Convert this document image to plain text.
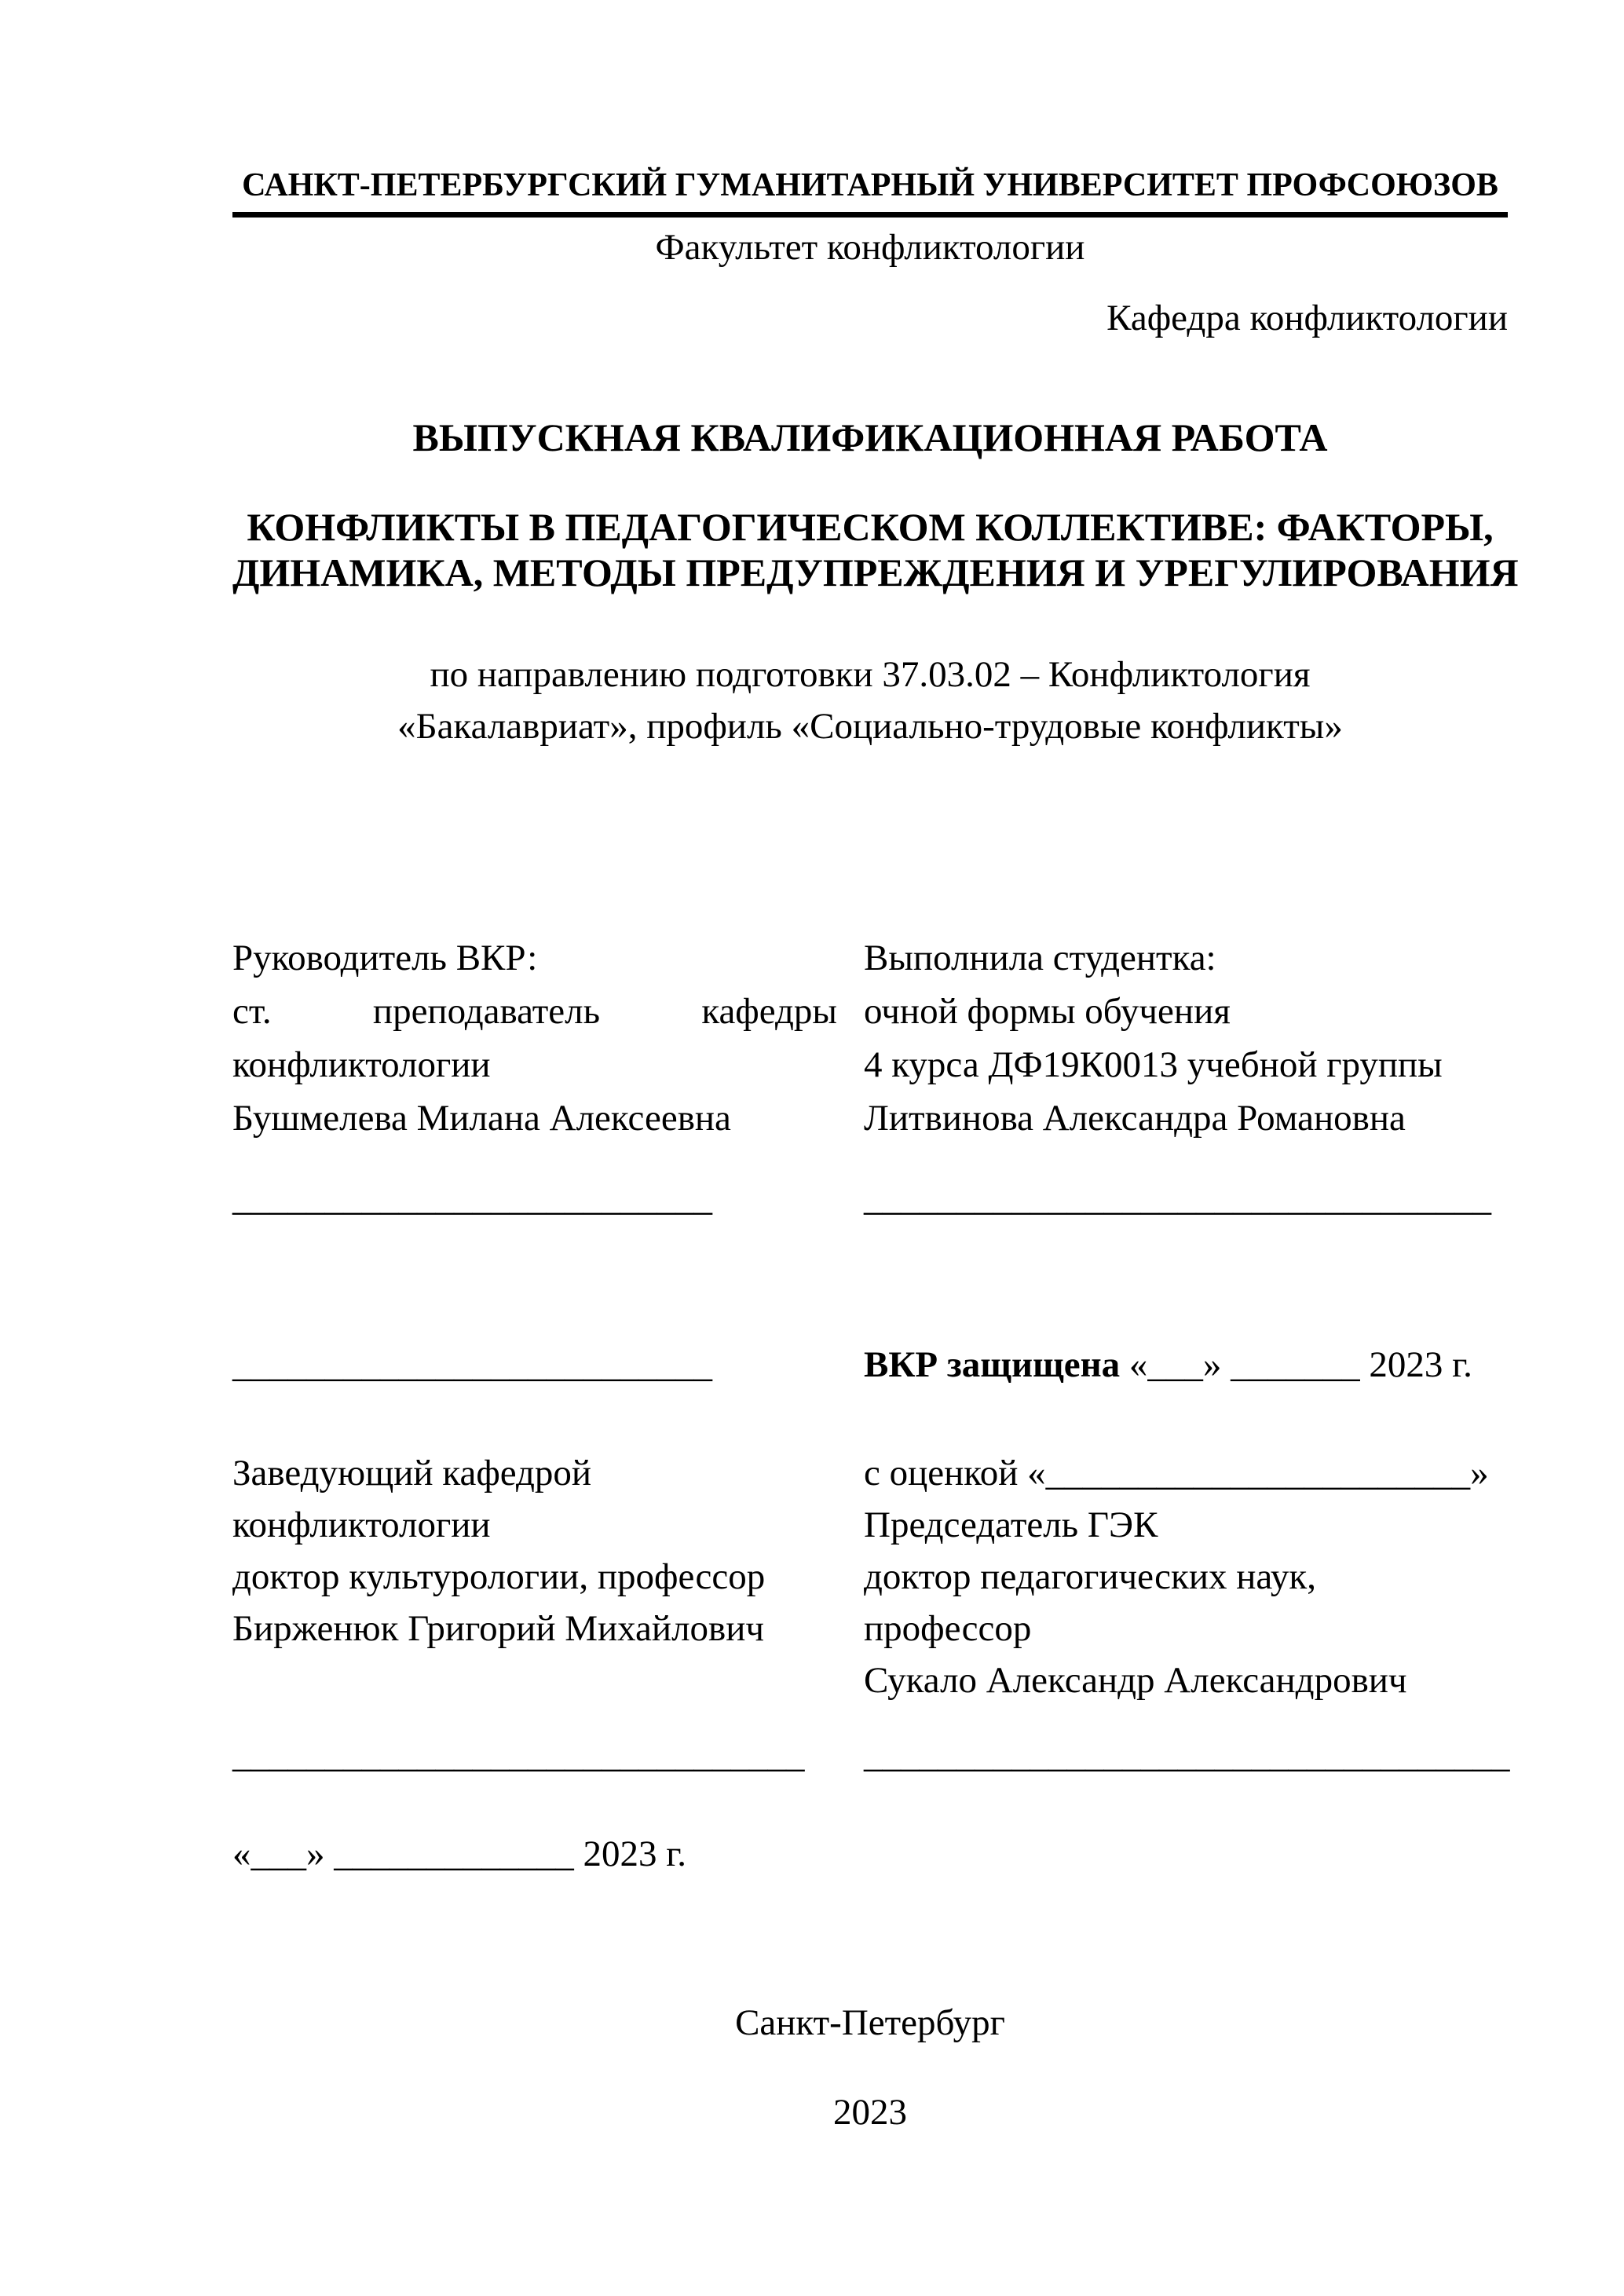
САНКТ-ПЕТЕРБУРГСКИЙ ГУМАНИТАРНЫЙ УНИВЕРСИТЕТ ПРОФСОЮЗОВ
Факультет конфликтологии
Кафедра конфликтологии
ВЫПУСКНАЯ КВАЛИФИКАЦИОННАЯ РАБОТА
КОНФЛИКТЫ В ПЕДАГОГИЧЕСКОМ КОЛЛЕКТИВЕ: ФАКТОРЫ,
ДИНАМИКА, МЕТОДЫ ПРЕДУПРЕЖДЕНИЯ И УРЕГУЛИРОВАНИЯ
по направлению подготовки 37.03.02 – Конфликтология
«Бакалавриат», профиль «Социально-трудовые конфликты»
Руководитель ВКР:
ст. преподаватель кафедры
конфликтологии
Бушмелева Милана Алексеевна
__________________________
Выполнила студентка:
очной формы обучения
4 курса ДФ19К0013 учебной группы
Литвинова Александра Романовна
__________________________________
__________________________
Заведующий кафедрой
конфликтологии
доктор культурологии, профессор
Бирженюк Григорий Михайлович
ВКР защищена «___» _______ 2023 г.
с оценкой «_______________________»
Председатель ГЭК
доктор педагогических наук,
профессор
Сукало Александр Александрович
_______________________________	___________________________________
«___» _____________ 2023 г.
Санкт-Петербург
2023
